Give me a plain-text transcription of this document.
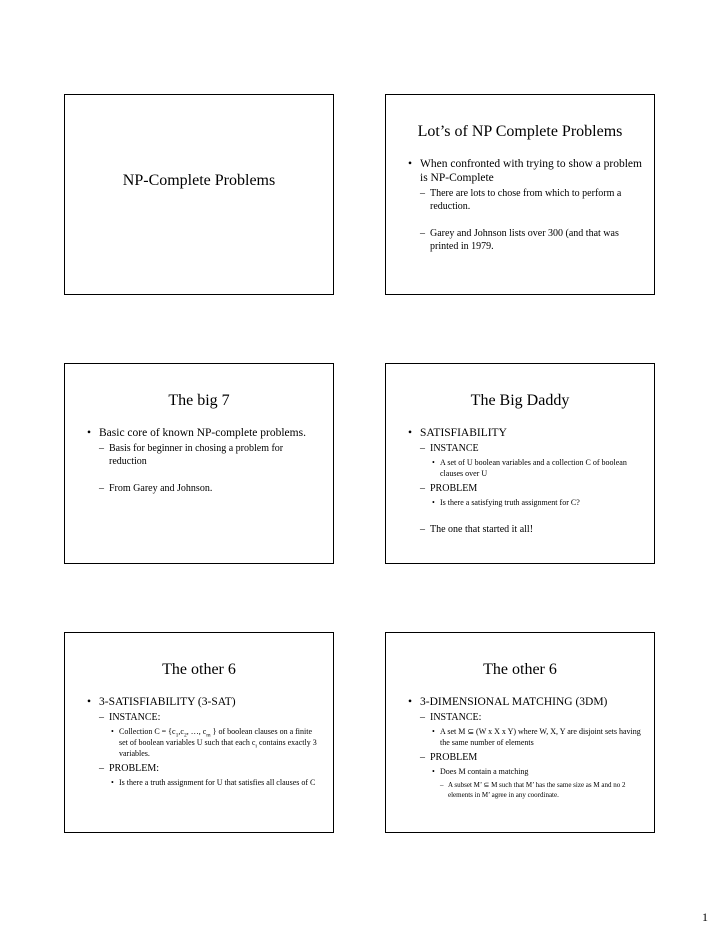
NP-Complete Problems
Lot’s of NP Complete Problems
• When confronted with trying to show a problem is NP-Complete
– There are lots to chose from which to perform a reduction.
– Garey and Johnson lists over 300 (and that was printed in 1979.
The big 7
• Basic core of known NP-complete problems.
– Basis for beginner in chosing a problem for reduction
– From Garey and Johnson.
The Big Daddy
• SATISFIABILITY
– INSTANCE
• A set of U boolean variables and a collection C of boolean clauses over U
– PROBLEM
• Is there a satisfying truth assignment for C?
– The one that started it all!
The other 6
• 3-SATISFIABILITY (3-SAT)
– INSTANCE:
• Collection $C = \{c_1,c_2$, …, $c_m$ } of boolean clauses on a finite set of boolean variables U such that each $c_i$ contains exactly 3 variables.
– PROBLEM:
• Is there a truth assignment for U that satisfies all clauses of C
The other 6
• 3-DIMENSIONAL MATCHING (3DM)
– INSTANCE:
• A set M ⊆ (W x X x Y) where W, X, Y are disjoint sets having the same number of elements
– PROBLEM
• Does M contain a matching
– A subset M’ ⊆ M such that M’ has the same size as M and no 2 elements in M’ agree in any coordinate.
1
